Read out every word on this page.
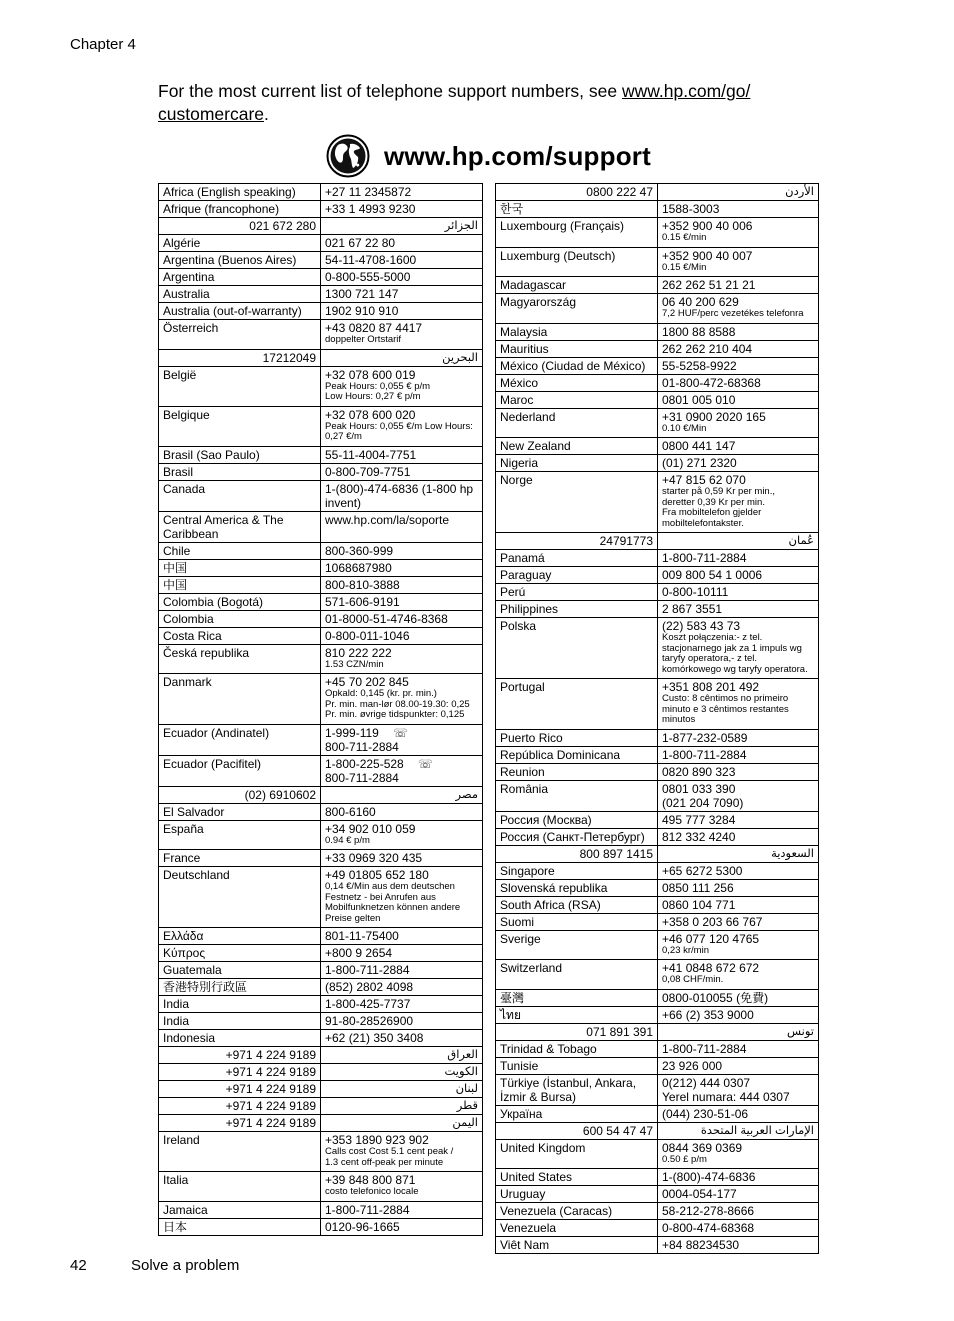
Chapter 4
For the most current list of telephone support numbers, see www.hp.com/go/ customercare.
www.hp.com/support
Africa (English speaking)	+27 11 2345872
Afrique (francophone)	+33 1 4993 9230
021 672 280	الجزائر
Algérie	021 67 22 80
Argentina (Buenos Aires)	54-11-4708-1600
Argentina	0-800-555-5000
Australia	1300 721 147
Australia (out-of-warranty)	1902 910 910
Österreich	+43 0820 87 4417
doppelter Ortstarif

17212049	البحرين
België	+32 078 600 019
Peak Hours: 0,055 € p/m
Low Hours: 0,27 € p/m

Belgique	+32 078 600 020
Peak Hours: 0,055 €/m Low Hours: 0,27 €/m

Brasil (Sao Paulo)	55-11-4004-7751
Brasil	0-800-709-7751
Canada	1-(800)-474-6836 (1-800 hp invent)
Central America & The Caribbean	www.hp.com/la/soporte
Chile	800-360-999
中国	1068687980
中国	800-810-3888
Colombia (Bogotá)	571-606-9191
Colombia	01-8000-51-4746-8368
Costa Rica	0-800-011-1046
Česká republika	810 222 222
1.53 CZN/min

Danmark	+45 70 202 845
Opkald: 0,145 (kr. pr. min.)
Pr. min. man-lør 08.00-19.30: 0,25
Pr. min. øvrige tidspunkter: 0,125

Ecuador (Andinatel)	1-999-119 ☏
800-711-2884
Ecuador (Pacifitel)	1-800-225-528 ☏
800-711-2884
(02) 6910602	مصر
El Salvador	800-6160
España	+34 902 010 059
0.94 € p/m

France	+33 0969 320 435
Deutschland	+49 01805 652 180
0,14 €/Min aus dem deutschen Festnetz - bei Anrufen aus Mobilfunknetzen können andere Preise gelten

Ελλάδα	801-11-75400
Κύπρος	+800 9 2654
Guatemala	1-800-711-2884
香港特別行政區	(852) 2802 4098
India	1-800-425-7737
India	91-80-28526900
Indonesia	+62 (21) 350 3408
+971 4 224 9189	العراق
+971 4 224 9189	الكويت
+971 4 224 9189	لبنان
+971 4 224 9189	قطر
+971 4 224 9189	اليمن
Ireland	+353 1890 923 902
Calls cost Cost 5.1 cent peak /
1.3 cent off-peak per minute

Italia	+39 848 800 871
costo telefonico locale

Jamaica	1-800-711-2884
日本	0120-96-1665
0800 222 47	الأردن
한국	1588-3003
Luxembourg (Français)	+352 900 40 006
0.15 €/min

Luxemburg (Deutsch)	+352 900 40 007
0.15 €/Min

Madagascar	262 262 51 21 21
Magyarország	06 40 200 629
7,2 HUF/perc vezetékes telefonra

Malaysia	1800 88 8588
Mauritius	262 262 210 404
México (Ciudad de México)	55-5258-9922
México	01-800-472-68368
Maroc	0801 005 010
Nederland	+31 0900 2020 165
0.10 €/Min

New Zealand	0800 441 147
Nigeria	(01) 271 2320
Norge	+47 815 62 070
starter på 0,59 Kr per min.,
deretter 0,39 Kr per min.
Fra mobiltelefon gjelder
mobiltelefontakster.

24791773	عُمان
Panamá	1-800-711-2884
Paraguay	009 800 54 1 0006
Perú	0-800-10111
Philippines	2 867 3551
Polska	(22) 583 43 73
Koszt połączenia:- z tel.
stacjonarnego jak za 1 impuls wg
taryfy operatora,- z tel.
komórkowego wg taryfy operatora.

Portugal	+351 808 201 492
Custo: 8 cêntimos no primeiro
minuto e 3 cêntimos restantes
minutos

Puerto Rico	1-877-232-0589
República Dominicana	1-800-711-2884
Reunion	0820 890 323
România	0801 033 390
(021 204 7090)
Россия (Москва)	495 777 3284
Россия (Санкт-Петербург)	812 332 4240
800 897 1415	السعودية
Singapore	+65 6272 5300
Slovenská republika	0850 111 256
South Africa (RSA)	0860 104 771
Suomi	+358 0 203 66 767
Sverige	+46 077 120 4765
0,23 kr/min

Switzerland	+41 0848 672 672
0,08 CHF/min.

臺灣	0800-010055 (免費)
ไทย	+66 (2) 353 9000
071 891 391	تونس
Trinidad & Tobago	1-800-711-2884
Tunisie	23 926 000
Türkiye (İstanbul, Ankara, İzmir & Bursa)	0(212) 444 0307
Yerel numara: 444 0307
Україна	(044) 230-51-06
600 54 47 47	الإمارات العربية المتحدة
United Kingdom	0844 369 0369
0.50 £ p/m

United States	1-(800)-474-6836
Uruguay	0004-054-177
Venezuela (Caracas)	58-212-278-8666
Venezuela	0-800-474-68368
Viêt Nam	+84 88234530
42	Solve a problem
